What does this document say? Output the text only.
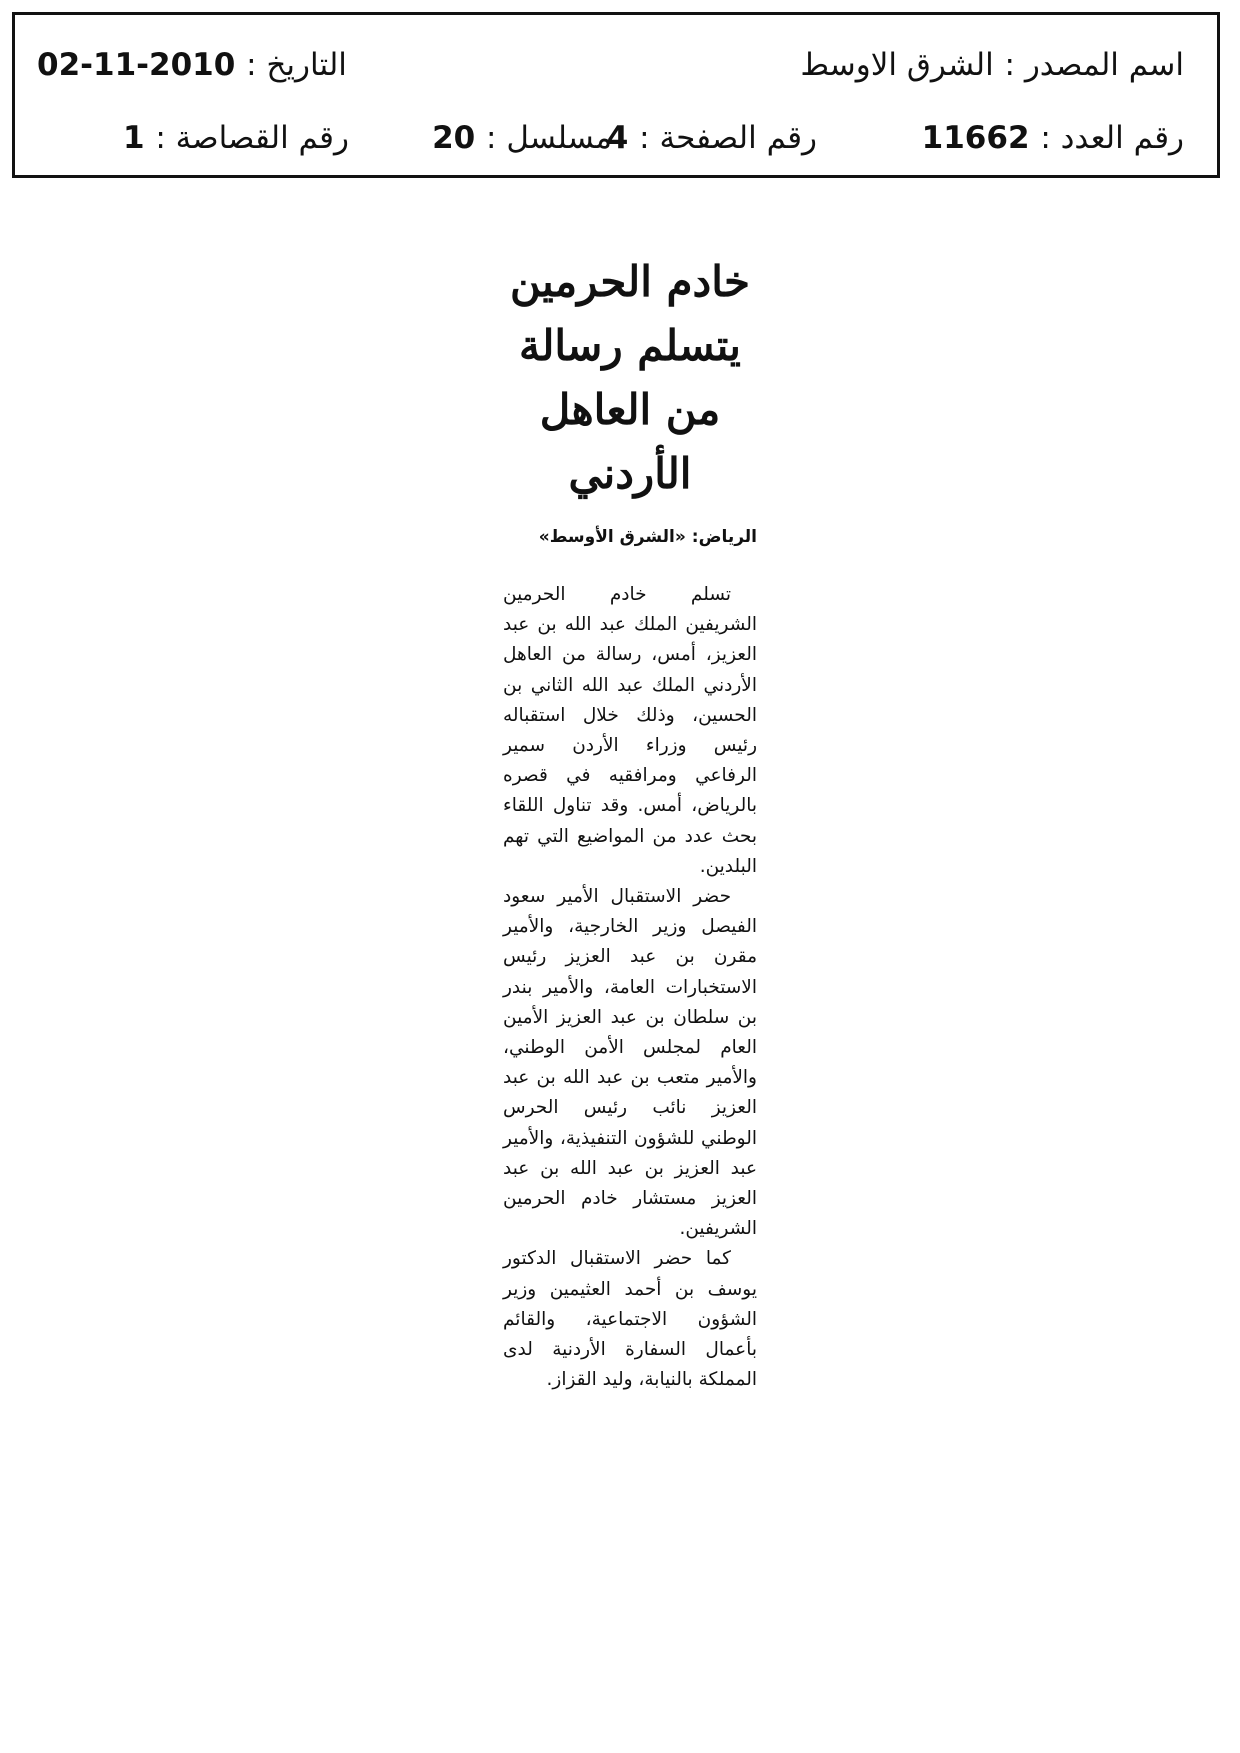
اسم المصدر : الشرق الاوسط
التاريخ : 2010-11-02
رقم العدد : 11662
رقم الصفحة : 4
مسلسل : 20
رقم القصاصة : 1
خادم الحرمين
يتسلم رسالة
من العاهل الأردني
الرياض: «الشرق الأوسط»

تسلم خادم الحرمين الشريفين الملك عبد الله بن عبد العزيز، أمس، رسالة من العاهل الأردني الملك عبد الله الثاني بن الحسين، وذلك خلال استقباله رئيس وزراء الأردن سمير الرفاعي ومرافقيه في قصره بالرياض، أمس. وقد تناول اللقاء بحث عدد من المواضيع التي تهم البلدين.

حضر الاستقبال الأمير سعود الفيصل وزير الخارجية، والأمير مقرن بن عبد العزيز رئيس الاستخبارات العامة، والأمير بندر بن سلطان بن عبد العزيز الأمين العام لمجلس الأمن الوطني، والأمير متعب بن عبد الله بن عبد العزيز نائب رئيس الحرس الوطني للشؤون التنفيذية، والأمير عبد العزيز بن عبد الله بن عبد العزيز مستشار خادم الحرمين الشريفين.

كما حضر الاستقبال الدكتور يوسف بن أحمد العثيمين وزير الشؤون الاجتماعية، والقائم بأعمال السفارة الأردنية لدى المملكة بالنيابة، وليد القزاز.
